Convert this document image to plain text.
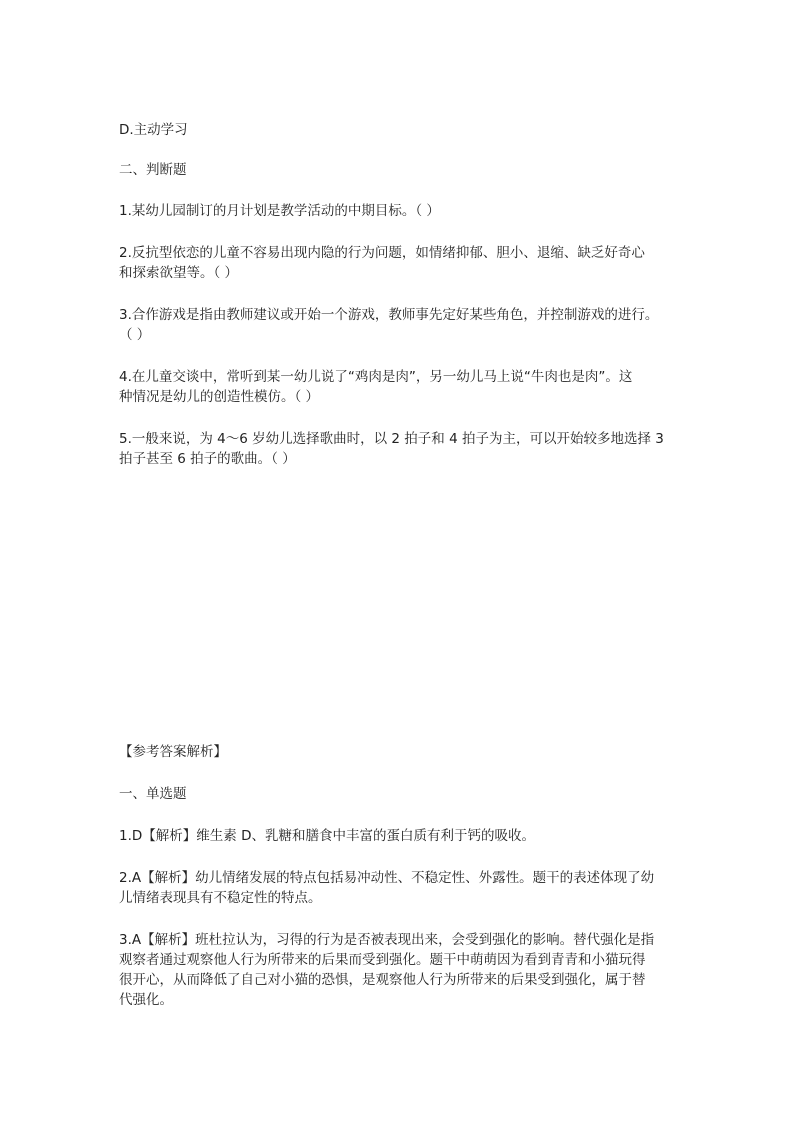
D.主动学习

二、判断题

1.某幼儿园制订的月计划是教学活动的中期目标。（ ）

2.反抗型依恋的儿童不容易出现内隐的行为问题，如情绪抑郁、胆小、退缩、缺乏好奇心
和探索欲望等。（ ）

3.合作游戏是指由教师建议或开始一个游戏，教师事先定好某些角色，并控制游戏的进行。
（ ）

4.在儿童交谈中，常听到某一幼儿说了“鸡肉是肉”，另一幼儿马上说“牛肉也是肉”。这
种情况是幼儿的创造性模仿。（ ）

5.一般来说，为 4～6 岁幼儿选择歌曲时，以 2 拍子和 4 拍子为主，可以开始较多地选择 3
拍子甚至 6 拍子的歌曲。（ ）

【参考答案解析】

一、单选题

1.D【解析】维生素 D、乳糖和膳食中丰富的蛋白质有利于钙的吸收。

2.A【解析】幼儿情绪发展的特点包括易冲动性、不稳定性、外露性。题干的表述体现了幼
儿情绪表现具有不稳定性的特点。

3.A【解析】班杜拉认为，习得的行为是否被表现出来，会受到强化的影响。替代强化是指
观察者通过观察他人行为所带来的后果而受到强化。题干中萌萌因为看到青青和小猫玩得
很开心，从而降低了自己对小猫的恐惧，是观察他人行为所带来的后果受到强化，属于替
代强化。
